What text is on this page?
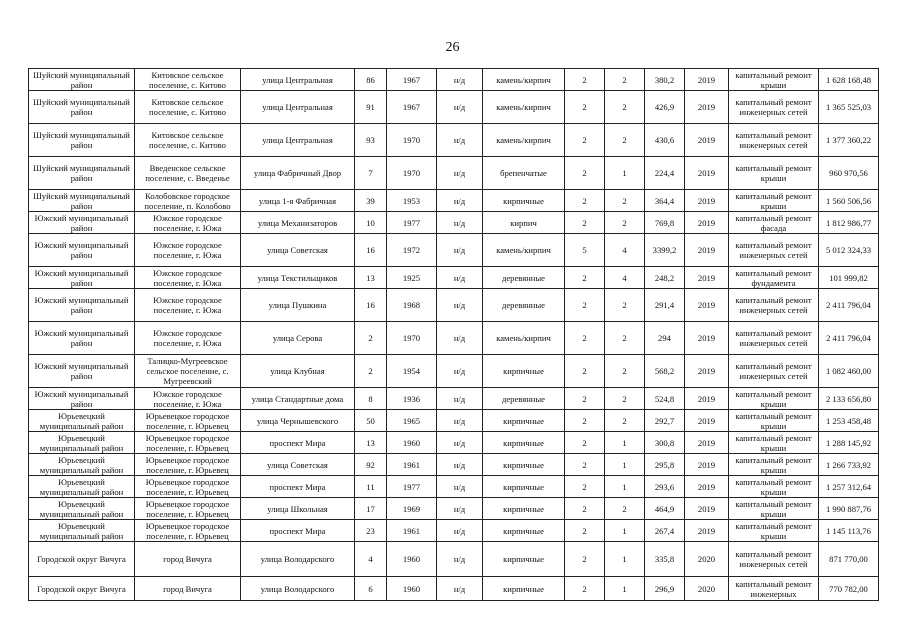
26
Шуйский муниципальный район	Китовское сельское поселение, с. Китово	улица Центральная	86	1967	н/д	камень/кирпич	2	2	380,2	2019	капитальный ремонт крыши	1 628 168,48
Шуйский муниципальный район	Китовское сельское поселение, с. Китово	улица Центральная	91	1967	н/д	камень/кирпич	2	2	426,9	2019	капитальный ремонт инженерных сетей	1 365 525,03
Шуйский муниципальный район	Китовское сельское поселение, с. Китово	улица Центральная	93	1970	н/д	камень/кирпич	2	2	430,6	2019	капитальный ремонт инженерных сетей	1 377 360,22
Шуйский муниципальный район	Введенское сельское поселение, с. Введенье	улица Фабричный Двор	7	1970	н/д	брепенчатые	2	1	224,4	2019	капитальный ремонт крыши	960 970,56
Шуйский муниципальный район	Колобовское городское поселение, п. Колобово	улица 1-я Фабричная	39	1953	н/д	кирпичные	2	2	364,4	2019	капитальный ремонт крыши	1 560 506,56
Южский муниципальный район	Южское городское поселение, г. Южа	улица Механизаторов	10	1977	н/д	кирпич	2	2	769,8	2019	капитальный ремонт фасада	1 812 986,77
Южский муниципальный район	Южское городское поселение, г. Южа	улица Советская	16	1972	н/д	камень/кирпич	5	4	3399,2	2019	капитальный ремонт инженерных сетей	5 012 324,33
Южский муниципальный район	Южское городское поселение, г. Южа	улица Текстильщиков	13	1925	н/д	деревянные	2	4	248,2	2019	капитальный ремонт фундамента	101 999,82
Южский муниципальный район	Южское городское поселение, г. Южа	улица Пушкина	16	1968	н/д	деревянные	2	2	291,4	2019	капитальный ремонт инженерных сетей	2 411 796,04
Южский муниципальный район	Южское городское поселение, г. Южа	улица Серова	2	1970	н/д	камень/кирпич	2	2	294	2019	капитальный ремонт инженерных сетей	2 411 796,04
Южский муниципальный район	Талицко-Мугреевское сельское поселение, с. Мугреевский	улица Клубная	2	1954	н/д	кирпичные	2	2	568,2	2019	капитальный ремонт инженерных сетей	1 082 460,00
Южский муниципальный район	Южское городское поселение, г. Южа	улица Стандартные дома	8	1936	н/д	деревянные	2	2	524,8	2019	капитальный ремонт крыши	2 133 656,80
Юрьевецкий муниципальный район	Юрьевецкое городское поселение, г. Юрьевец	улица Чернышевского	50	1965	н/д	кирпичные	2	2	292,7	2019	капитальный ремонт крыши	1 253 458,48
Юрьевецкий муниципальный район	Юрьевецкое городское поселение, г. Юрьевец	проспект Мира	13	1960	н/д	кирпичные	2	1	300,8	2019	капитальный ремонт крыши	1 288 145,92
Юрьевецкий муниципальный район	Юрьевецкое городское поселение, г. Юрьевец	улица Советская	92	1961	н/д	кирпичные	2	1	295,8	2019	капитальный ремонт крыши	1 266 733,92
Юрьевецкий муниципальный район	Юрьевецкое городское поселение, г. Юрьевец	проспект Мира	11	1977	н/д	кирпичные	2	1	293,6	2019	капитальный ремонт крыши	1 257 312,64
Юрьевецкий муниципальный район	Юрьевецкое городское поселение, г. Юрьевец	улица Школьная	17	1969	н/д	кирпичные	2	2	464,9	2019	капитальный ремонт крыши	1 990 887,76
Юрьевецкий муниципальный район	Юрьевецкое городское поселение, г. Юрьевец	проспект Мира	23	1961	н/д	кирпичные	2	1	267,4	2019	капитальный ремонт крыши	1 145 113,76
Городской округ Вичуга	город Вичуга	улица Володарского	4	1960	н/д	кирпичные	2	1	335,8	2020	капитальный ремонт инженерных сетей	871 770,00
Городской округ Вичуга	город Вичуга	улица Володарского	6	1960	н/д	кирпичные	2	1	296,9	2020	капитальный ремонт инженерных	770 782,00
